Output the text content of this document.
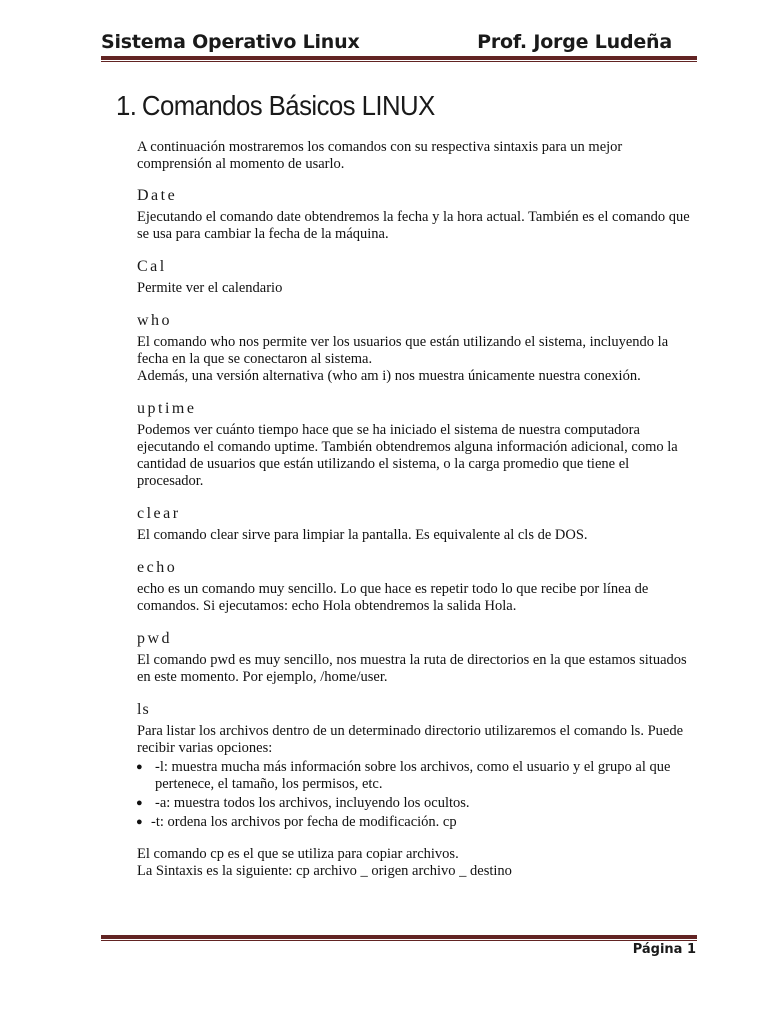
Sistema Operativo Linux	Prof. Jorge Ludeña
1. Comandos Básicos LINUX

A continuación mostraremos los comandos con su respectiva sintaxis para un mejor comprensión al momento de usarlo.

Date

Ejecutando el comando date obtendremos la fecha y la hora actual. También es el comando que se usa para cambiar la fecha de la máquina.

Cal

Permite ver el calendario

who

El comando who nos permite ver los usuarios que están utilizando el sistema, incluyendo la fecha en la que se conectaron al sistema.

Además, una versión alternativa (who am i) nos muestra únicamente nuestra conexión.

uptime

Podemos ver cuánto tiempo hace que se ha iniciado el sistema de nuestra computadora ejecutando el comando uptime. También obtendremos alguna información adicional, como la cantidad de usuarios que están utilizando el sistema, o la carga promedio que tiene el procesador.

clear

El comando clear sirve para limpiar la pantalla. Es equivalente al cls de DOS.

echo

echo es un comando muy sencillo. Lo que hace es repetir todo lo que recibe por línea de comandos. Si ejecutamos: echo Hola obtendremos la salida Hola.

pwd

El comando pwd es muy sencillo, nos muestra la ruta de directorios en la que estamos situados en este momento. Por ejemplo, /home/user.

ls

Para listar los archivos dentro de un determinado directorio utilizaremos el comando ls. Puede recibir varias opciones:

● -l: muestra mucha más información sobre los archivos, como el usuario y el grupo al que pertenece, el tamaño, los permisos, etc.
● -a: muestra todos los archivos, incluyendo los ocultos.
● -t: ordena los archivos por fecha de modificación. cp

El comando cp es el que se utiliza para copiar archivos.

La Sintaxis es la siguiente: cp archivo _ origen archivo _ destino

Página 1
